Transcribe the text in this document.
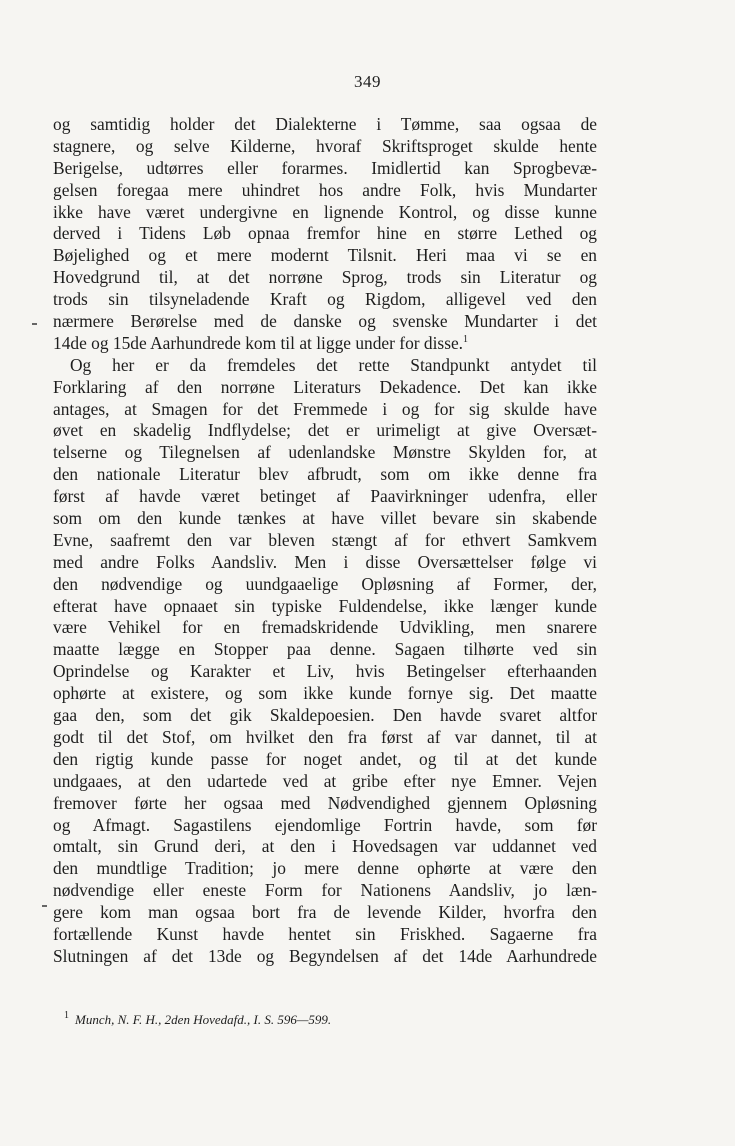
349
og samtidig holder det Dialekterne i Tømme, saa ogsaa de
stagnere, og selve Kilderne, hvoraf Skriftsproget skulde hente
Berigelse, udtørres eller forarmes. Imidlertid kan Sprogbevæ-
gelsen foregaa mere uhindret hos andre Folk, hvis Mundarter
ikke have været undergivne en lignende Kontrol, og disse kunne
derved i Tidens Løb opnaa fremfor hine en større Lethed og
Bøjelighed og et mere modernt Tilsnit. Heri maa vi se en
Hovedgrund til, at det norrøne Sprog, trods sin Literatur og
trods sin tilsyneladende Kraft og Rigdom, alligevel ved den
nærmere Berørelse med de danske og svenske Mundarter i det
14de og 15de Aarhundrede kom til at ligge under for disse.$^1$
Og her er da fremdeles det rette Standpunkt antydet til
Forklaring af den norrøne Literaturs Dekadence. Det kan ikke
antages, at Smagen for det Fremmede i og for sig skulde have
øvet en skadelig Indflydelse; det er urimeligt at give Oversæt-
telserne og Tilegnelsen af udenlandske Mønstre Skylden for, at
den nationale Literatur blev afbrudt, som om ikke denne fra
først af havde været betinget af Paavirkninger udenfra, eller
som om den kunde tænkes at have villet bevare sin skabende
Evne, saafremt den var bleven stængt af for ethvert Samkvem
med andre Folks Aandsliv. Men i disse Oversættelser følge vi
den nødvendige og uundgaaelige Opløsning af Former, der,
efterat have opnaaet sin typiske Fuldendelse, ikke længer kunde
være Vehikel for en fremadskridende Udvikling, men snarere
maatte lægge en Stopper paa denne. Sagaen tilhørte ved sin
Oprindelse og Karakter et Liv, hvis Betingelser efterhaanden
ophørte at existere, og som ikke kunde fornye sig. Det maatte
gaa den, som det gik Skaldepoesien. Den havde svaret altfor
godt til det Stof, om hvilket den fra først af var dannet, til at
den rigtig kunde passe for noget andet, og til at det kunde
undgaaes, at den udartede ved at gribe efter nye Emner. Vejen
fremover førte her ogsaa med Nødvendighed gjennem Opløsning
og Afmagt. Sagastilens ejendomlige Fortrin havde, som før
omtalt, sin Grund deri, at den i Hovedsagen var uddannet ved
den mundtlige Tradition; jo mere denne ophørte at være den
nødvendige eller eneste Form for Nationens Aandsliv, jo læn-
gere kom man ogsaa bort fra de levende Kilder, hvorfra den
fortællende Kunst havde hentet sin Friskhed. Sagaerne fra
Slutningen af det 13de og Begyndelsen af det 14de Aarhundrede
$^1$ Munch, N. F. H., 2den Hovedafd., I. S. 596—599.
